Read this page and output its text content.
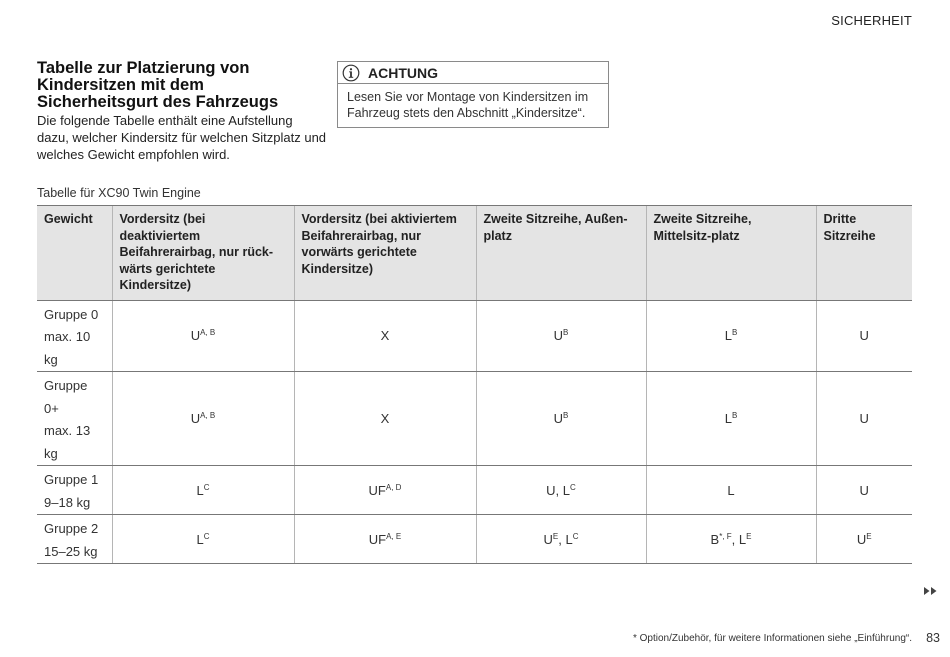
SICHERHEIT
Tabelle zur Platzierung von Kindersitzen mit dem Sicherheitsgurt des Fahrzeugs

Die folgende Tabelle enthält eine Aufstellung dazu, welcher Kindersitz für welchen Sitzplatz und welches Gewicht empfohlen wird.

ACHTUNG
Lesen Sie vor Montage von Kindersitzen im Fahrzeug stets den Abschnitt „Kindersitze“.
Tabelle für XC90 Twin Engine
Gewicht	Vordersitz (bei deaktiviertem Beifahrerairbag, nur rück-wärts gerichtete Kindersitze)	Vordersitz (bei aktiviertem Beifahrerairbag, nur vorwärts gerichtete Kindersitze)	Zweite Sitzreihe, Außen-platz	Zweite Sitzreihe, Mittelsitz-platz	Dritte Sitzreihe

Gruppe 0
max. 10 kg	$U^{A, B}$	X	$U^B$	$L^B$	U

Gruppe 0+
max. 13 kg	$U^{A, B}$	X	$U^B$	$L^B$	U

Gruppe 1
9–18 kg	$L^C$	$UF^{A, D}$	U, $L^C$	L	U

Gruppe 2
15–25 kg	$L^C$	$UF^{A, E}$	$U^E$, $L^C$	$B^{*, F}$, $L^E$	$U^E$
* Option/Zubehör, für weitere Informationen siehe „Einführung“. 83
